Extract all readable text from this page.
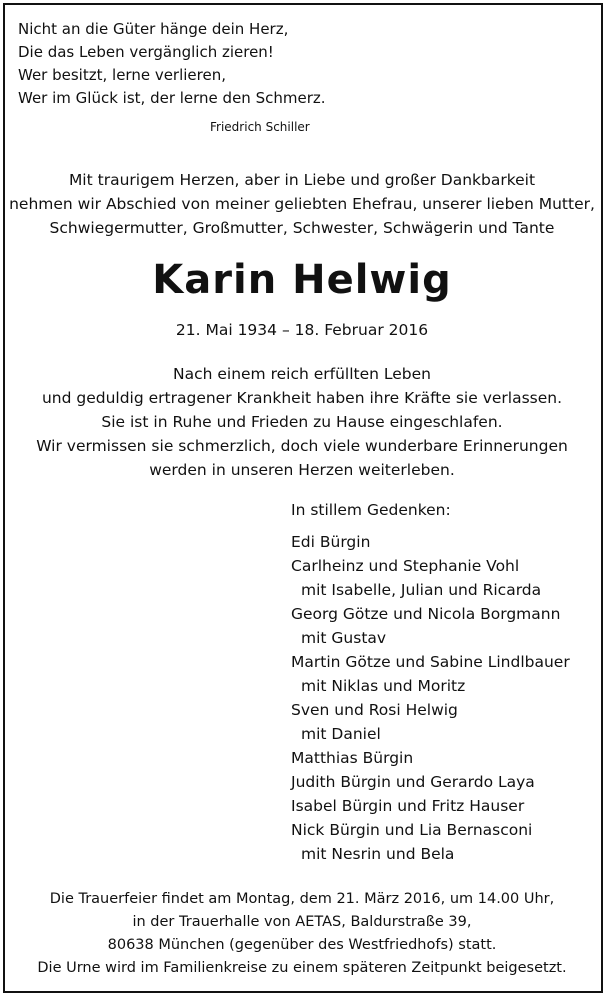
Nicht an die Güter hänge dein Herz,
Die das Leben vergänglich zieren!
Wer besitzt, lerne verlieren,
Wer im Glück ist, der lerne den Schmerz.
Friedrich Schiller
Mit traurigem Herzen, aber in Liebe und großer Dankbarkeit
nehmen wir Abschied von meiner geliebten Ehefrau, unserer lieben Mutter,
Schwiegermutter, Großmutter, Schwester, Schwägerin und Tante
Karin Helwig
21. Mai 1934 – 18. Februar 2016
Nach einem reich erfüllten Leben
und geduldig ertragener Krankheit haben ihre Kräfte sie verlassen.
Sie ist in Ruhe und Frieden zu Hause eingeschlafen.
Wir vermissen sie schmerzlich, doch viele wunderbare Erinnerungen
werden in unseren Herzen weiterleben.
In stillem Gedenken:
Edi Bürgin
Carlheinz und Stephanie Vohl
mit Isabelle, Julian und Ricarda
Georg Götze und Nicola Borgmann
mit Gustav
Martin Götze und Sabine Lindlbauer
mit Niklas und Moritz
Sven und Rosi Helwig
mit Daniel
Matthias Bürgin
Judith Bürgin und Gerardo Laya
Isabel Bürgin und Fritz Hauser
Nick Bürgin und Lia Bernasconi
mit Nesrin und Bela
Die Trauerfeier findet am Montag, dem 21. März 2016, um 14.00 Uhr,
in der Trauerhalle von AETAS, Baldurstraße 39,
80638 München (gegenüber des Westfriedhofs) statt.
Die Urne wird im Familienkreise zu einem späteren Zeitpunkt beigesetzt.
